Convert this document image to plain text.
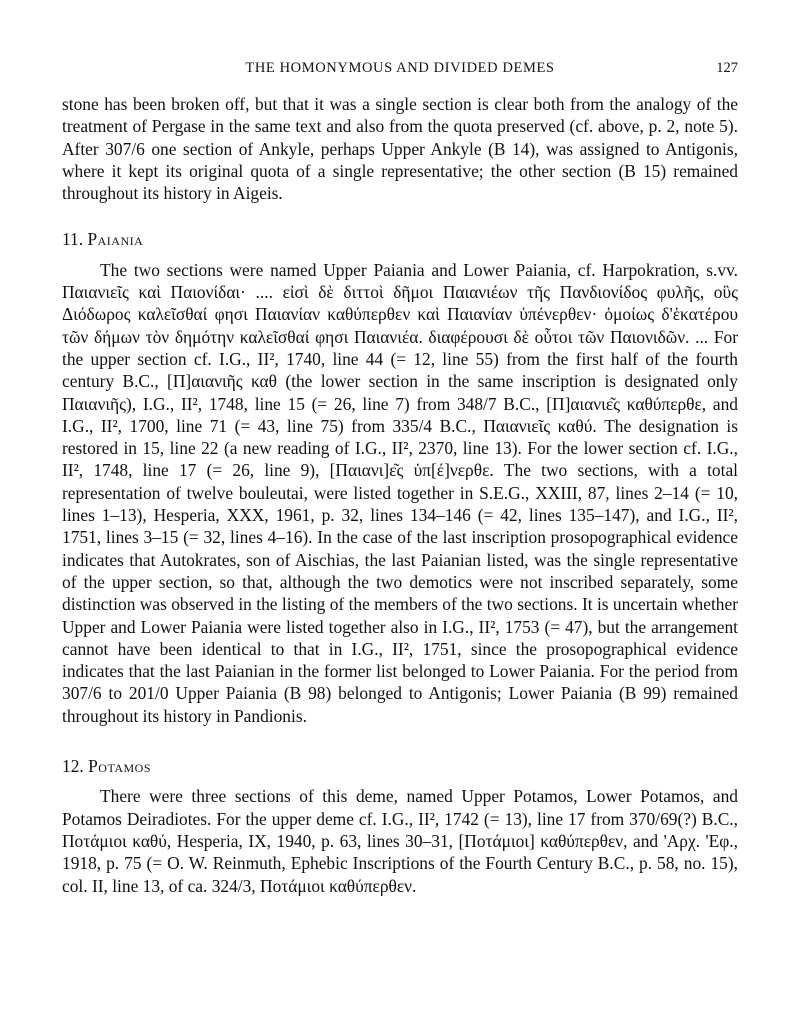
THE HOMONYMOUS AND DIVIDED DEMES	127

stone has been broken off, but that it was a single section is clear both from the analogy of the treatment of Pergase in the same text and also from the quota preserved (cf. above, p. 2, note 5). After 307/6 one section of Ankyle, perhaps Upper Ankyle (B 14), was assigned to Antigonis, where it kept its original quota of a single representative; the other section (B 15) remained throughout its history in Aigeis.

11. Paiania

The two sections were named Upper Paiania and Lower Paiania, cf. Harpokration, s.vv. Παιανιεῖς καὶ Παιονίδαι· .... εἰσὶ δὲ διττοὶ δῆμοι Παιανιέων τῆς Πανδιονίδος φυλῆς, οὓς Διόδωρος καλεῖσθαί φησι Παιανίαν καθύπερθεν καὶ Παιανίαν ὑπένερθεν· ὁμοίως δ'ἑκατέρου τῶν δήμων τὸν δημότην καλεῖσθαί φησι Παιανιέα. διαφέρουσι δὲ οὗτοι τῶν Παιονιδῶν. ... For the upper section cf. I.G., II², 1740, line 44 (= 12, line 55) from the first half of the fourth century B.C., [Π]αιανιῆς καθ (the lower section in the same inscription is designated only Παιανιῆς), I.G., II², 1748, line 15 (= 26, line 7) from 348/7 B.C., [Π]αιανιε͂ς καθύπερθε, and I.G., II², 1700, line 71 (= 43, line 75) from 335/4 B.C., Παιανιεῖς καθύ. The designation is restored in 15, line 22 (a new reading of I.G., II², 2370, line 13). For the lower section cf. I.G., II², 1748, line 17 (= 26, line 9), [Παιανι]ε͂ς ὑπ[έ]νερθε. The two sections, with a total representation of twelve bouleutai, were listed together in S.E.G., XXIII, 87, lines 2–14 (= 10, lines 1–13), Hesperia, XXX, 1961, p. 32, lines 134–146 (= 42, lines 135–147), and I.G., II², 1751, lines 3–15 (= 32, lines 4–16). In the case of the last inscription prosopographical evidence indicates that Autokrates, son of Aischias, the last Paianian listed, was the single representative of the upper section, so that, although the two demotics were not inscribed separately, some distinction was observed in the listing of the members of the two sections. It is uncertain whether Upper and Lower Paiania were listed together also in I.G., II², 1753 (= 47), but the arrangement cannot have been identical to that in I.G., II², 1751, since the prosopographical evidence indicates that the last Paianian in the former list belonged to Lower Paiania. For the period from 307/6 to 201/0 Upper Paiania (B 98) belonged to Antigonis; Lower Paiania (B 99) remained throughout its history in Pandionis.

12. Potamos

There were three sections of this deme, named Upper Potamos, Lower Potamos, and Potamos Deiradiotes. For the upper deme cf. I.G., II², 1742 (= 13), line 17 from 370/69(?) B.C., Ποτάμιοι καθύ, Hesperia, IX, 1940, p. 63, lines 30–31, [Ποτάμιοι] καθύπερθεν, and 'Αρχ. 'Εφ., 1918, p. 75 (= O. W. Reinmuth, Ephebic Inscriptions of the Fourth Century B.C., p. 58, no. 15), col. II, line 13, of ca. 324/3, Ποτάμιοι καθύπερθεν.
